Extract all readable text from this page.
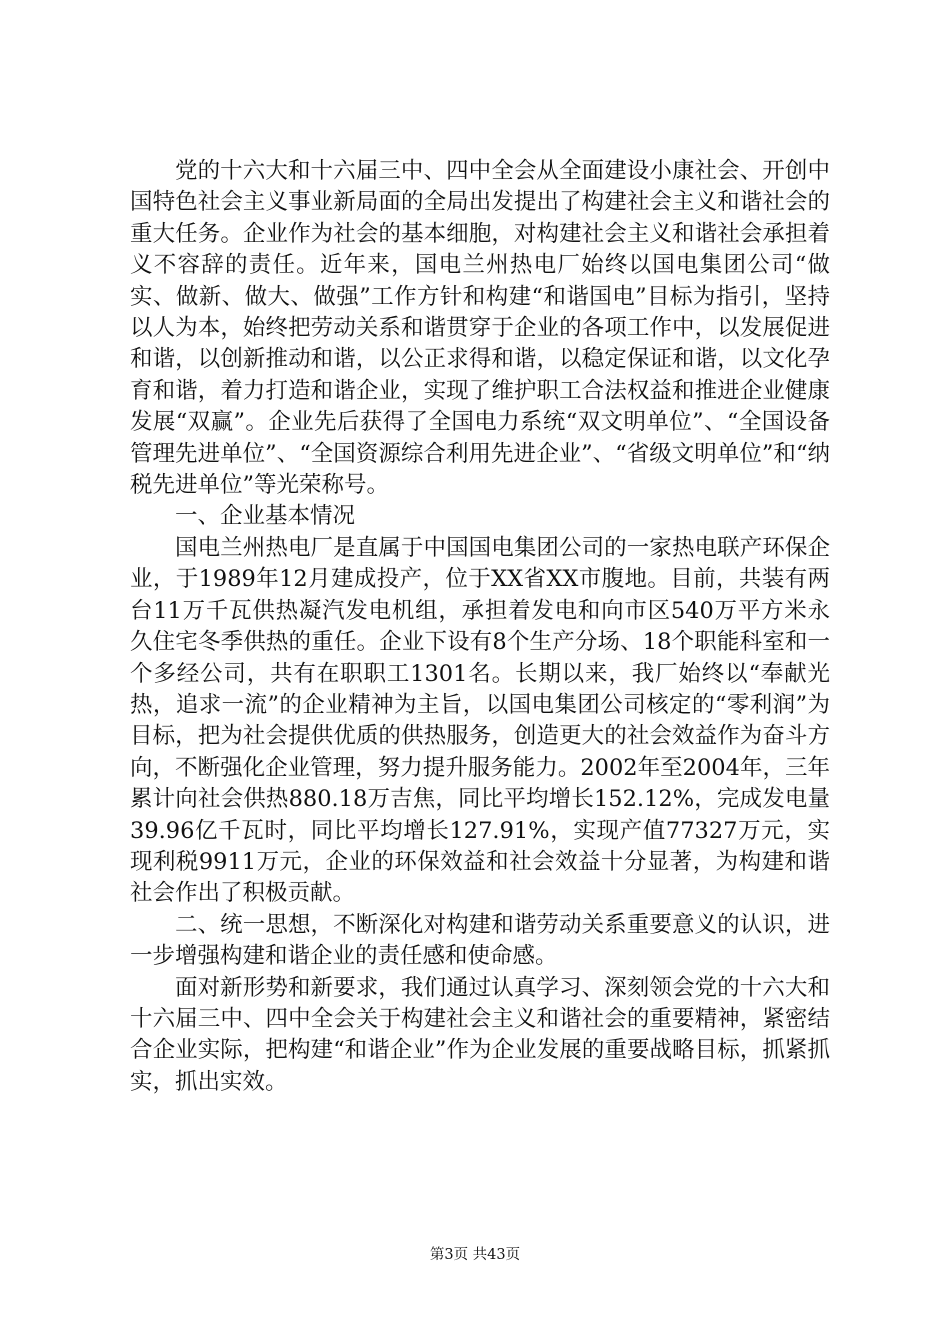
党的十六大和十六届三中、四中全会从全面建设小康社会、开创中国特色社会主义事业新局面的全局出发提出了构建社会主义和谐社会的重大任务。企业作为社会的基本细胞，对构建社会主义和谐社会承担着义不容辞的责任。近年来，国电兰州热电厂始终以国电集团公司“做实、做新、做大、做强”工作方针和构建“和谐国电”目标为指引，坚持以人为本，始终把劳动关系和谐贯穿于企业的各项工作中，以发展促进和谐，以创新推动和谐，以公正求得和谐，以稳定保证和谐，以文化孕育和谐，着力打造和谐企业，实现了维护职工合法权益和推进企业健康发展“双赢”。企业先后获得了全国电力系统“双文明单位”、“全国设备管理先进单位”、“全国资源综合利用先进企业”、“省级文明单位”和“纳税先进单位”等光荣称号。

一、企业基本情况

国电兰州热电厂是直属于中国国电集团公司的一家热电联产环保企业，于1989年12月建成投产，位于XX省XX市腹地。目前，共装有两台11万千瓦供热凝汽发电机组，承担着发电和向市区540万平方米永久住宅冬季供热的重任。企业下设有8个生产分场、18个职能科室和一个多经公司，共有在职职工1301名。长期以来，我厂始终以“奉献光热，追求一流”的企业精神为主旨，以国电集团公司核定的“零利润”为目标，把为社会提供优质的供热服务，创造更大的社会效益作为奋斗方向，不断强化企业管理，努力提升服务能力。2002年至2004年，三年累计向社会供热880.18万吉焦，同比平均增长152.12%，完成发电量39.96亿千瓦时，同比平均增长127.91%，实现产值77327万元，实现利税9911万元，企业的环保效益和社会效益十分显著，为构建和谐社会作出了积极贡献。

二、统一思想，不断深化对构建和谐劳动关系重要意义的认识，进一步增强构建和谐企业的责任感和使命感。

面对新形势和新要求，我们通过认真学习、深刻领会党的十六大和十六届三中、四中全会关于构建社会主义和谐社会的重要精神，紧密结合企业实际，把构建“和谐企业”作为企业发展的重要战略目标，抓紧抓实，抓出实效。

第3页 共43页
